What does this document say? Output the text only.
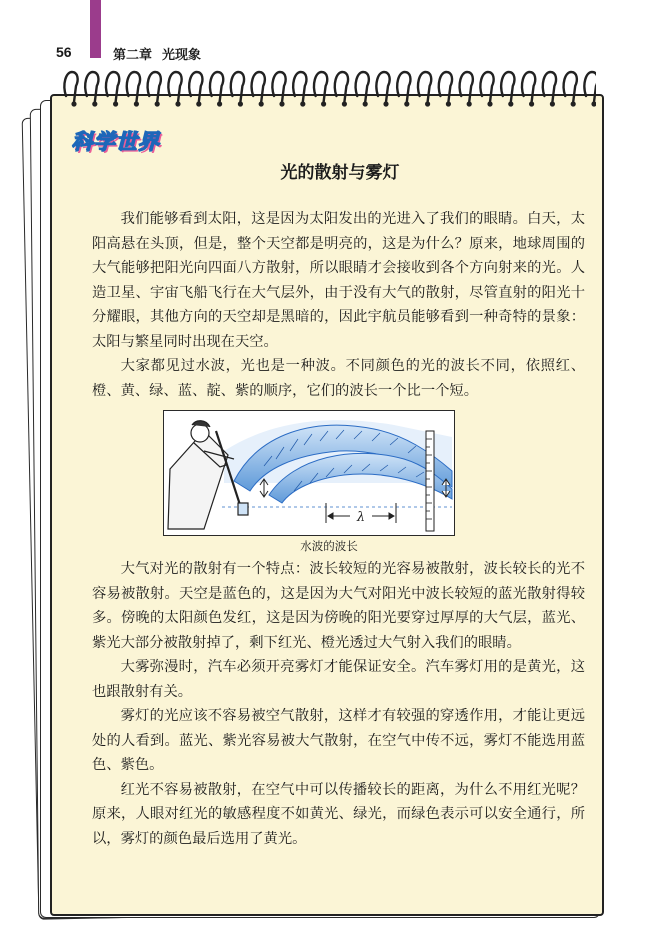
56	第二章 光现象
科学世界
光的散射与雾灯

我们能够看到太阳，这是因为太阳发出的光进入了我们的眼睛。白天，太阳高悬在头顶，但是，整个天空都是明亮的，这是为什么？原来，地球周围的大气能够把阳光向四面八方散射，所以眼睛才会接收到各个方向射来的光。人造卫星、宇宙飞船飞行在大气层外，由于没有大气的散射，尽管直射的阳光十分耀眼，其他方向的天空却是黑暗的，因此宇航员能够看到一种奇特的景象：太阳与繁星同时出现在天空。

大家都见过水波，光也是一种波。不同颜色的光的波长不同，依照红、橙、黄、绿、蓝、靛、紫的顺序，它们的波长一个比一个短。

λ
水波的波长

大气对光的散射有一个特点：波长较短的光容易被散射，波长较长的光不容易被散射。天空是蓝色的，这是因为大气对阳光中波长较短的蓝光散射得较多。傍晚的太阳颜色发红，这是因为傍晚的阳光要穿过厚厚的大气层，蓝光、紫光大部分被散射掉了，剩下红光、橙光透过大气射入我们的眼睛。

大雾弥漫时，汽车必须开亮雾灯才能保证安全。汽车雾灯用的是黄光，这也跟散射有关。

雾灯的光应该不容易被空气散射，这样才有较强的穿透作用，才能让更远处的人看到。蓝光、紫光容易被大气散射，在空气中传不远，雾灯不能选用蓝色、紫色。

红光不容易被散射，在空气中可以传播较长的距离，为什么不用红光呢？原来，人眼对红光的敏感程度不如黄光、绿光，而绿色表示可以安全通行，所以，雾灯的颜色最后选用了黄光。
